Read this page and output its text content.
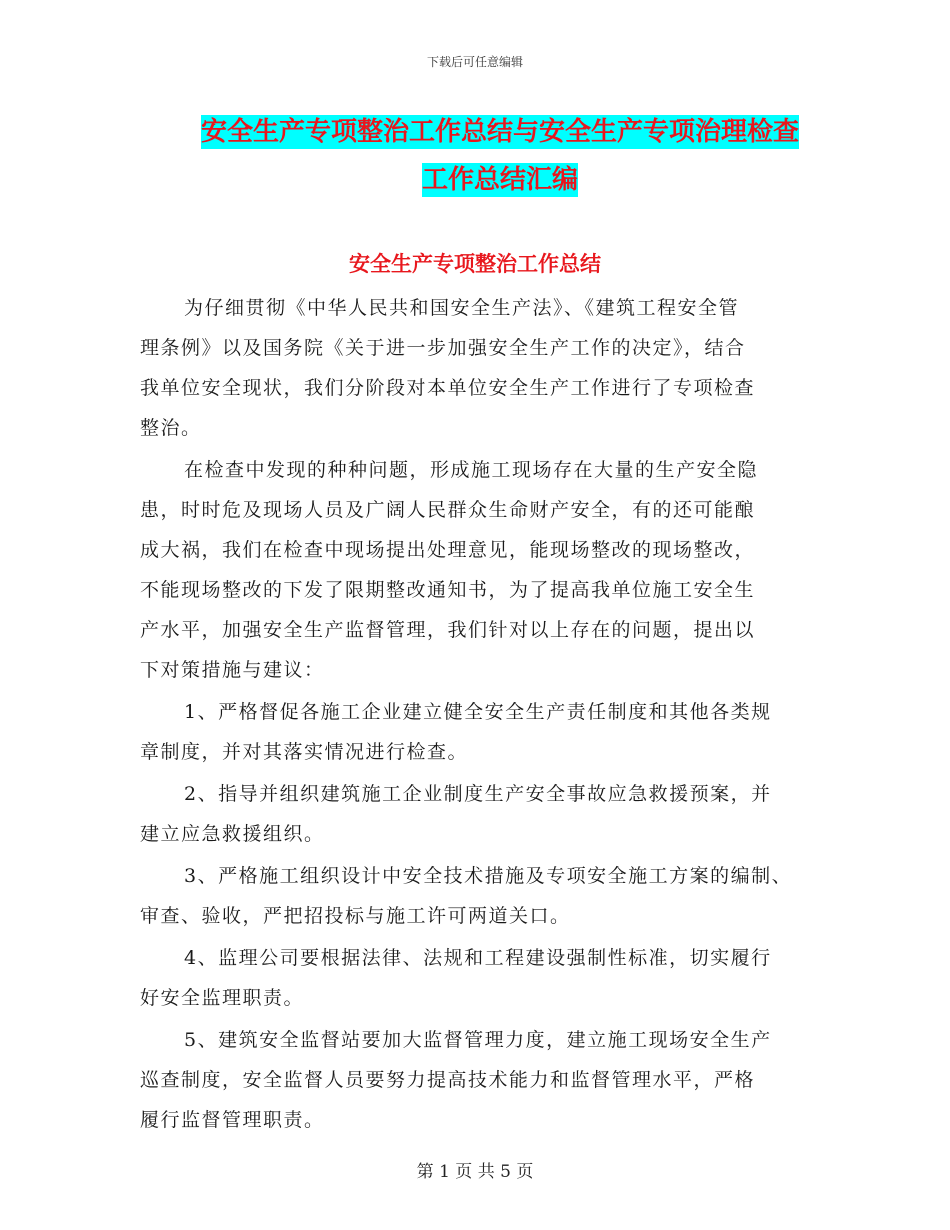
下载后可任意编辑
安全生产专项整治工作总结与安全生产专项治理检查
工作总结汇编
安全生产专项整治工作总结
为仔细贯彻《中华人民共和国安全生产法》、《建筑工程安全管
理条例》以及国务院《关于进一步加强安全生产工作的决定》，结合
我单位安全现状，我们分阶段对本单位安全生产工作进行了专项检查
整治。
在检查中发现的种种问题，形成施工现场存在大量的生产安全隐
患，时时危及现场人员及广阔人民群众生命财产安全，有的还可能酿
成大祸，我们在检查中现场提出处理意见，能现场整改的现场整改，
不能现场整改的下发了限期整改通知书，为了提高我单位施工安全生
产水平，加强安全生产监督管理，我们针对以上存在的问题，提出以
下对策措施与建议：
1、严格督促各施工企业建立健全安全生产责任制度和其他各类规
章制度，并对其落实情况进行检查。
2、指导并组织建筑施工企业制度生产安全事故应急救援预案，并
建立应急救援组织。
3、严格施工组织设计中安全技术措施及专项安全施工方案的编制、
审查、验收，严把招投标与施工许可两道关口。
4、监理公司要根据法律、法规和工程建设强制性标准，切实履行
好安全监理职责。
5、建筑安全监督站要加大监督管理力度，建立施工现场安全生产
巡查制度，安全监督人员要努力提高技术能力和监督管理水平，严格
履行监督管理职责。
第 1 页 共 5 页
